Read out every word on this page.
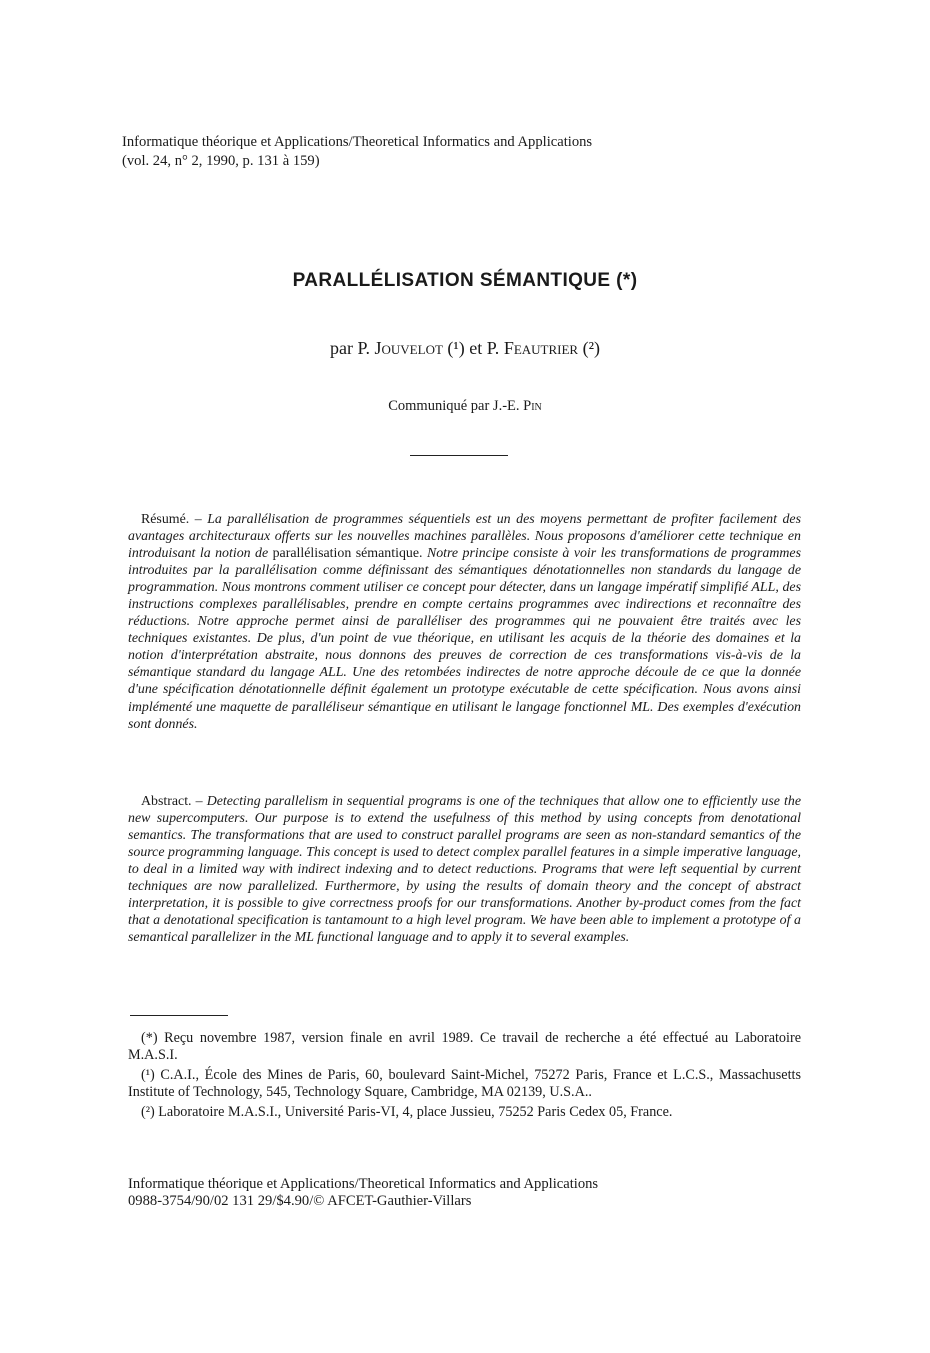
Informatique théorique et Applications/Theoretical Informatics and Applications
(vol. 24, n° 2, 1990, p. 131 à 159)
PARALLÉLISATION SÉMANTIQUE (*)
par P. Jouvelot (¹) et P. Feautrier (²)
Communiqué par J.-E. Pin
Résumé. – La parallélisation de programmes séquentiels est un des moyens permettant de profiter facilement des avantages architecturaux offerts sur les nouvelles machines parallèles. Nous proposons d'améliorer cette technique en introduisant la notion de parallélisation sémantique. Notre principe consiste à voir les transformations de programmes introduites par la parallélisation comme définissant des sémantiques dénotationnelles non standards du langage de programmation. Nous montrons comment utiliser ce concept pour détecter, dans un langage impératif simplifié ALL, des instructions complexes parallélisables, prendre en compte certains programmes avec indirections et reconnaître des réductions. Notre approche permet ainsi de paralléliser des programmes qui ne pouvaient être traités avec les techniques existantes. De plus, d'un point de vue théorique, en utilisant les acquis de la théorie des domaines et la notion d'interprétation abstraite, nous donnons des preuves de correction de ces transformations vis-à-vis de la sémantique standard du langage ALL. Une des retombées indirectes de notre approche découle de ce que la donnée d'une spécification dénotationnelle définit également un prototype exécutable de cette spécification. Nous avons ainsi implémenté une maquette de paralléliseur sémantique en utilisant le langage fonctionnel ML. Des exemples d'exécution sont donnés.
Abstract. – Detecting parallelism in sequential programs is one of the techniques that allow one to efficiently use the new supercomputers. Our purpose is to extend the usefulness of this method by using concepts from denotational semantics. The transformations that are used to construct parallel programs are seen as non-standard semantics of the source programming language. This concept is used to detect complex parallel features in a simple imperative language, to deal in a limited way with indirect indexing and to detect reductions. Programs that were left sequential by current techniques are now parallelized. Furthermore, by using the results of domain theory and the concept of abstract interpretation, it is possible to give correctness proofs for our transformations. Another by-product comes from the fact that a denotational specification is tantamount to a high level program. We have been able to implement a prototype of a semantical parallelizer in the ML functional language and to apply it to several examples.

(*) Reçu novembre 1987, version finale en avril 1989. Ce travail de recherche a été effectué au Laboratoire M.A.S.I.

(¹) C.A.I., École des Mines de Paris, 60, boulevard Saint-Michel, 75272 Paris, France et L.C.S., Massachusetts Institute of Technology, 545, Technology Square, Cambridge, MA 02139, U.S.A..

(²) Laboratoire M.A.S.I., Université Paris-VI, 4, place Jussieu, 75252 Paris Cedex 05, France.

Informatique théorique et Applications/Theoretical Informatics and Applications
0988-3754/90/02 131 29/$4.90/© AFCET-Gauthier-Villars
